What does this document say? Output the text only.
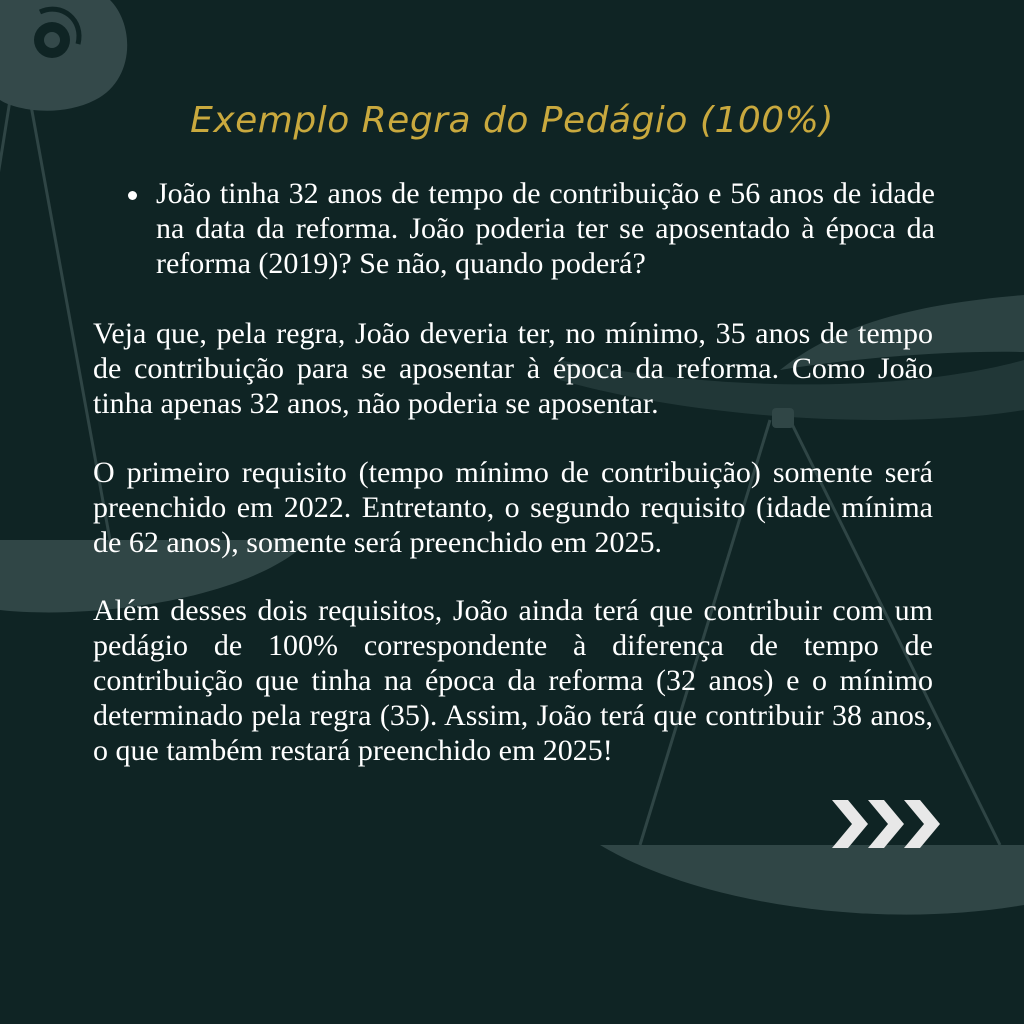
Exemplo Regra do Pedágio (100%)
João tinha 32 anos de tempo de contribuição e 56 anos de idade na data da reforma. João poderia ter se aposentado à época da reforma (2019)? Se não, quando poderá?

Veja que, pela regra, João deveria ter, no mínimo, 35 anos de tempo de contribuição para se aposentar à época da reforma. Como João tinha apenas 32 anos, não poderia se aposentar.

O primeiro requisito (tempo mínimo de contribuição) somente será preenchido em 2022. Entretanto, o segundo requisito (idade mínima de 62 anos), somente será preenchido em 2025.

Além desses dois requisitos, João ainda terá que contribuir com um pedágio de 100% correspondente à diferença de tempo de contribuição que tinha na época da reforma (32 anos) e o mínimo determinado pela regra (35). Assim, João terá que contribuir 38 anos, o que também restará preenchido em 2025!
